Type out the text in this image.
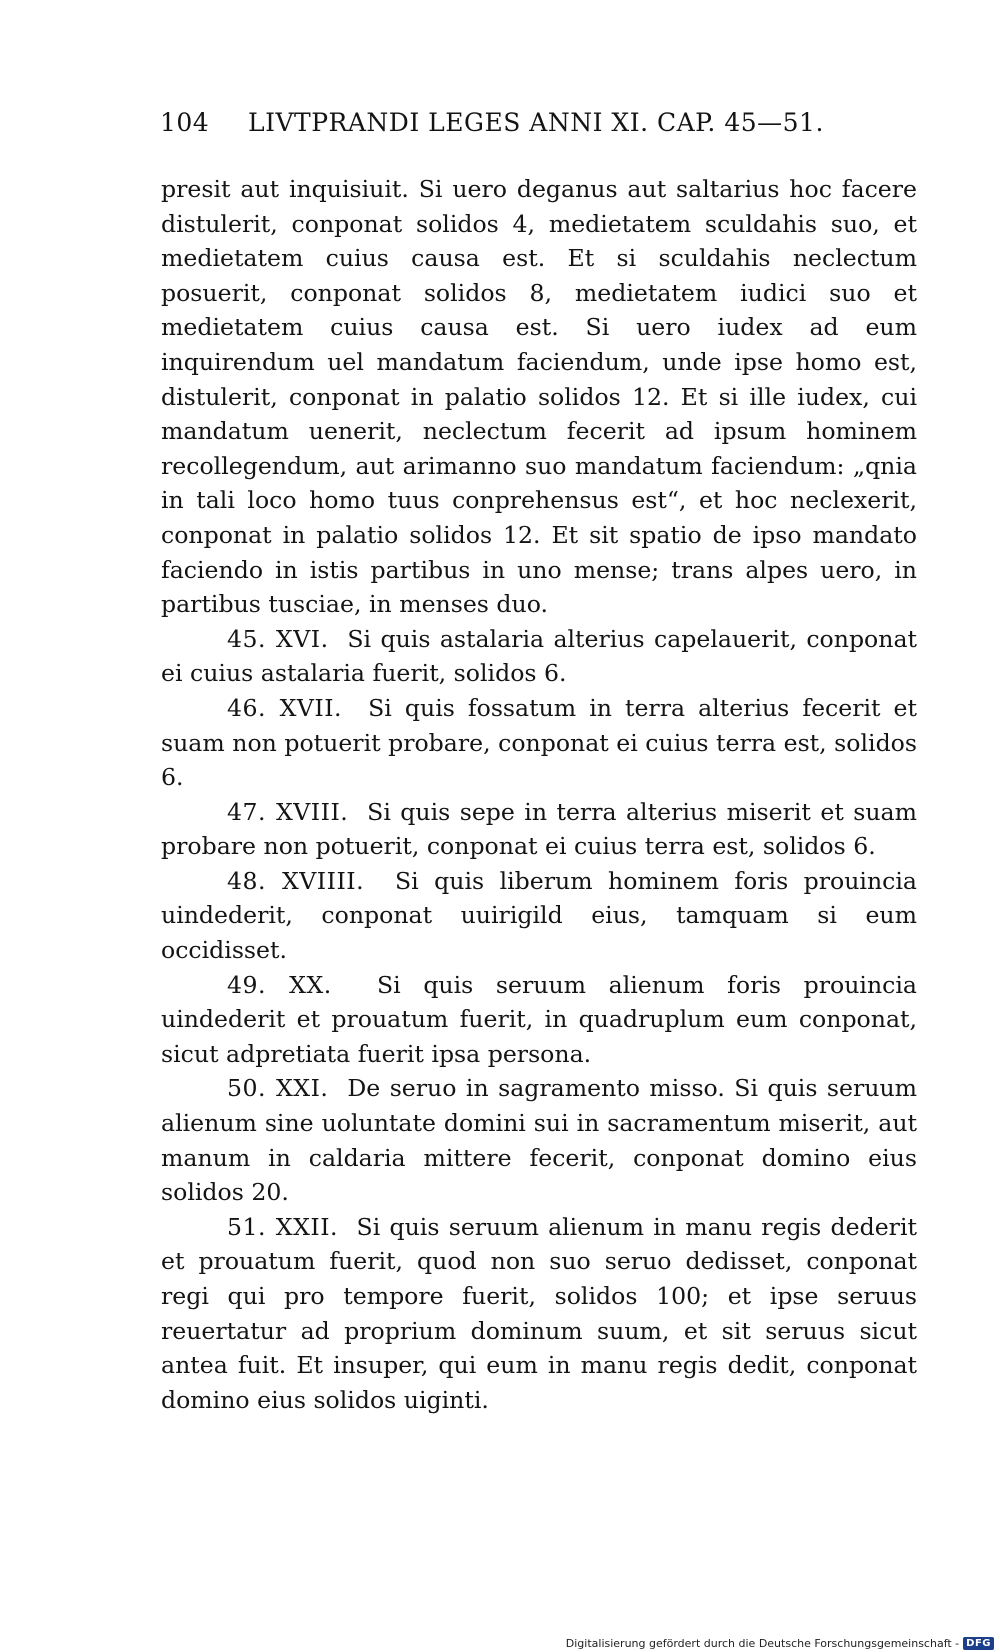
104 LIVTPRANDI LEGES ANNI XI. CAP. 45—51.

presit aut inquisiuit. Si uero deganus aut saltarius hoc facere distulerit, conponat solidos 4, medietatem sculdahis suo, et medietatem cuius causa est. Et si sculdahis neclectum posuerit, conponat solidos 8, medietatem iudici suo et medietatem cuius causa est. Si uero iudex ad eum inquirendum uel mandatum faciendum, unde ipse homo est, distulerit, conponat in palatio solidos 12. Et si ille iudex, cui mandatum uenerit, neclectum fecerit ad ipsum hominem recollegendum, aut arimanno suo mandatum faciendum: „qnia in tali loco homo tuus conprehensus est“, et hoc neclexerit, conponat in palatio solidos 12. Et sit spatio de ipso mandato faciendo in istis partibus in uno mense; trans alpes uero, in partibus tusciae, in menses duo.

45. XVI. Si quis astalaria alterius capelauerit, conponat ei cuius astalaria fuerit, solidos 6.

46. XVII. Si quis fossatum in terra alterius fecerit et suam non potuerit probare, conponat ei cuius terra est, solidos 6.

47. XVIII. Si quis sepe in terra alterius miserit et suam probare non potuerit, conponat ei cuius terra est, solidos 6.

48. XVIIII. Si quis liberum hominem foris prouincia uindederit, conponat uuirigild eius, tamquam si eum occidisset.

49. XX. Si quis seruum alienum foris prouincia uindederit et prouatum fuerit, in quadruplum eum conponat, sicut adpretiata fuerit ipsa persona.

50. XXI. De seruo in sagramento misso. Si quis seruum alienum sine uoluntate domini sui in sacramentum miserit, aut manum in caldaria mittere fecerit, conponat domino eius solidos 20.

51. XXII. Si quis seruum alienum in manu regis dederit et prouatum fuerit, quod non suo seruo dedisset, conponat regi qui pro tempore fuerit, solidos 100; et ipse seruus reuertatur ad proprium dominum suum, et sit seruus sicut antea fuit. Et insuper, qui eum in manu regis dedit, conponat domino eius solidos uiginti.

Digitalisierung gefördert durch die Deutsche Forschungsgemeinschaft - DFG
